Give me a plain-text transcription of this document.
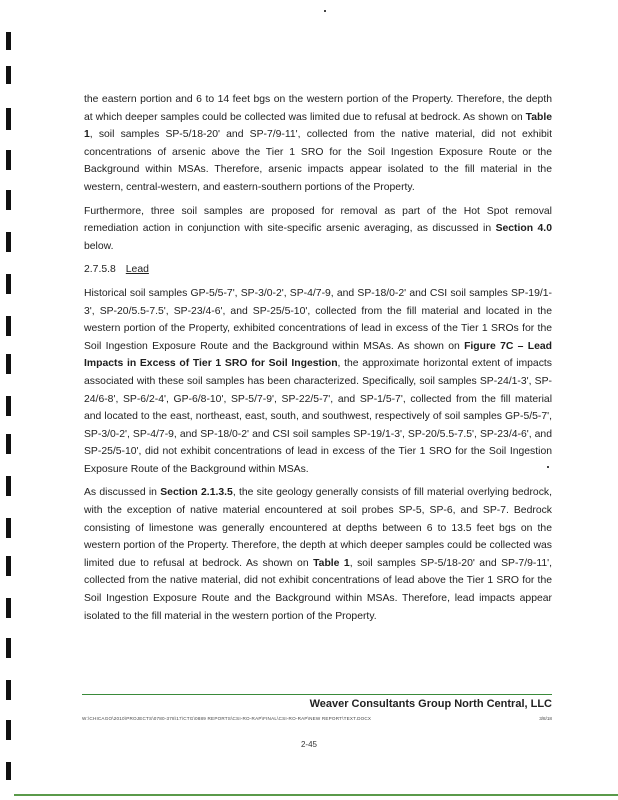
the eastern portion and 6 to 14 feet bgs on the western portion of the Property. Therefore, the depth at which deeper samples could be collected was limited due to refusal at bedrock. As shown on Table 1, soil samples SP-5/18-20' and SP-7/9-11', collected from the native material, did not exhibit concentrations of arsenic above the Tier 1 SRO for the Soil Ingestion Exposure Route or the Background within MSAs. Therefore, arsenic impacts appear isolated to the fill material in the western, central-western, and eastern-southern portions of the Property.

Furthermore, three soil samples are proposed for removal as part of the Hot Spot removal remediation action in conjunction with site-specific arsenic averaging, as discussed in Section 4.0 below.

2.7.5.8 Lead

Historical soil samples GP-5/5-7', SP-3/0-2', SP-4/7-9, and SP-18/0-2' and CSI soil samples SP-19/1-3', SP-20/5.5-7.5', SP-23/4-6', and SP-25/5-10', collected from the fill material and located in the western portion of the Property, exhibited concentrations of lead in excess of the Tier 1 SROs for the Soil Ingestion Exposure Route and the Background within MSAs. As shown on Figure 7C – Lead Impacts in Excess of Tier 1 SRO for Soil Ingestion, the approximate horizontal extent of impacts associated with these soil samples has been characterized. Specifically, soil samples SP-24/1-3', SP-24/6-8', SP-6/2-4', GP-6/8-10', SP-5/7-9', SP-22/5-7', and SP-1/5-7', collected from the fill material and located to the east, northeast, east, south, and southwest, respectively of soil samples GP-5/5-7', SP-3/0-2', SP-4/7-9, and SP-18/0-2' and CSI soil samples SP-19/1-3', SP-20/5.5-7.5', SP-23/4-6', and SP-25/5-10', did not exhibit concentrations of lead in excess of the Tier 1 SRO for the Soil Ingestion Exposure Route of the Background within MSAs.

As discussed in Section 2.1.3.5, the site geology generally consists of fill material overlying bedrock, with the exception of native material encountered at soil probes SP-5, SP-6, and SP-7. Bedrock consisting of limestone was generally encountered at depths between 6 to 13.5 feet bgs on the western portion of the Property. Therefore, the depth at which deeper samples could be collected was limited due to refusal at bedrock. As shown on Table 1, soil samples SP-5/18-20' and SP-7/9-11', collected from the native material, did not exhibit concentrations of lead above the Tier 1 SRO for the Soil Ingestion Exposure Route and the Background within MSAs. Therefore, lead impacts appear isolated to the fill material in the western portion of the Property.

Weaver Consultants Group North Central, LLC
W:\CHICAGO\2010\PROJECTS\0780-378\17\CTG\0889 REPORTS\CSI-RO-RAP\FINAL\CSI-RO-RAP\NEW REPORT\TEXT.DOCX	3/8/18
2-45
